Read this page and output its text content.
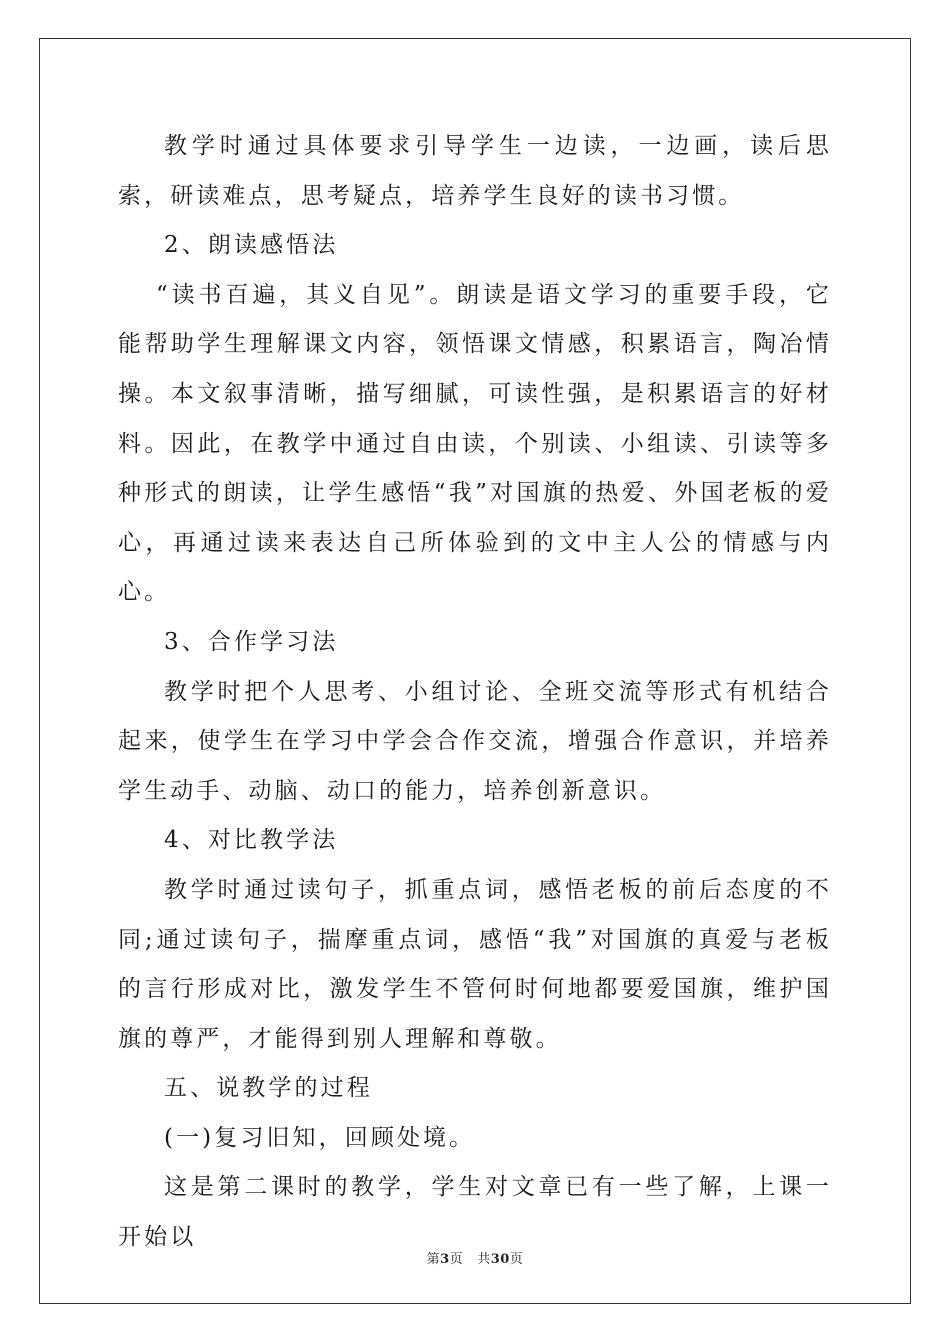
教学时通过具体要求引导学生一边读，一边画，读后思索，研读难点，思考疑点，培养学生良好的读书习惯。

2、朗读感悟法

“读书百遍，其义自见”。朗读是语文学习的重要手段，它能帮助学生理解课文内容，领悟课文情感，积累语言，陶冶情操。本文叙事清晰，描写细腻，可读性强，是积累语言的好材料。因此，在教学中通过自由读，个别读、小组读、引读等多种形式的朗读，让学生感悟“我”对国旗的热爱、外国老板的爱心，再通过读来表达自己所体验到的文中主人公的情感与内心。

3、合作学习法

教学时把个人思考、小组讨论、全班交流等形式有机结合起来，使学生在学习中学会合作交流，增强合作意识，并培养学生动手、动脑、动口的能力，培养创新意识。

4、对比教学法

教学时通过读句子，抓重点词，感悟老板的前后态度的不同;通过读句子，揣摩重点词，感悟“我”对国旗的真爱与老板的言行形成对比，激发学生不管何时何地都要爱国旗，维护国旗的尊严，才能得到别人理解和尊敬。

五、说教学的过程

(一)复习旧知，回顾处境。

这是第二课时的教学，学生对文章已有一些了解，上课一开始以

第3页 共30页
